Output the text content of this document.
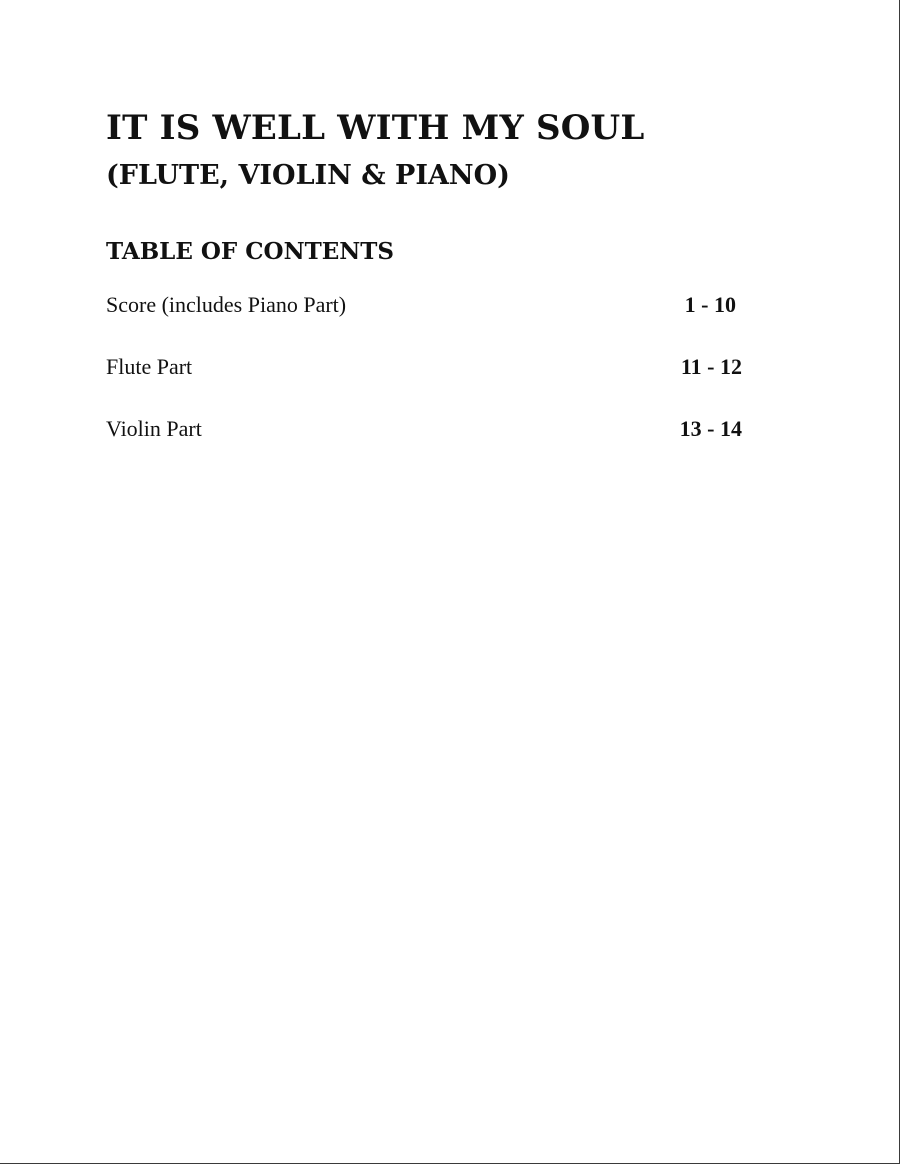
IT IS WELL WITH MY SOUL
(FLUTE, VIOLIN & PIANO)
TABLE OF CONTENTS
Score (includes Piano Part)	1 - 10
Flute Part	11 - 12
Violin Part	13 - 14
